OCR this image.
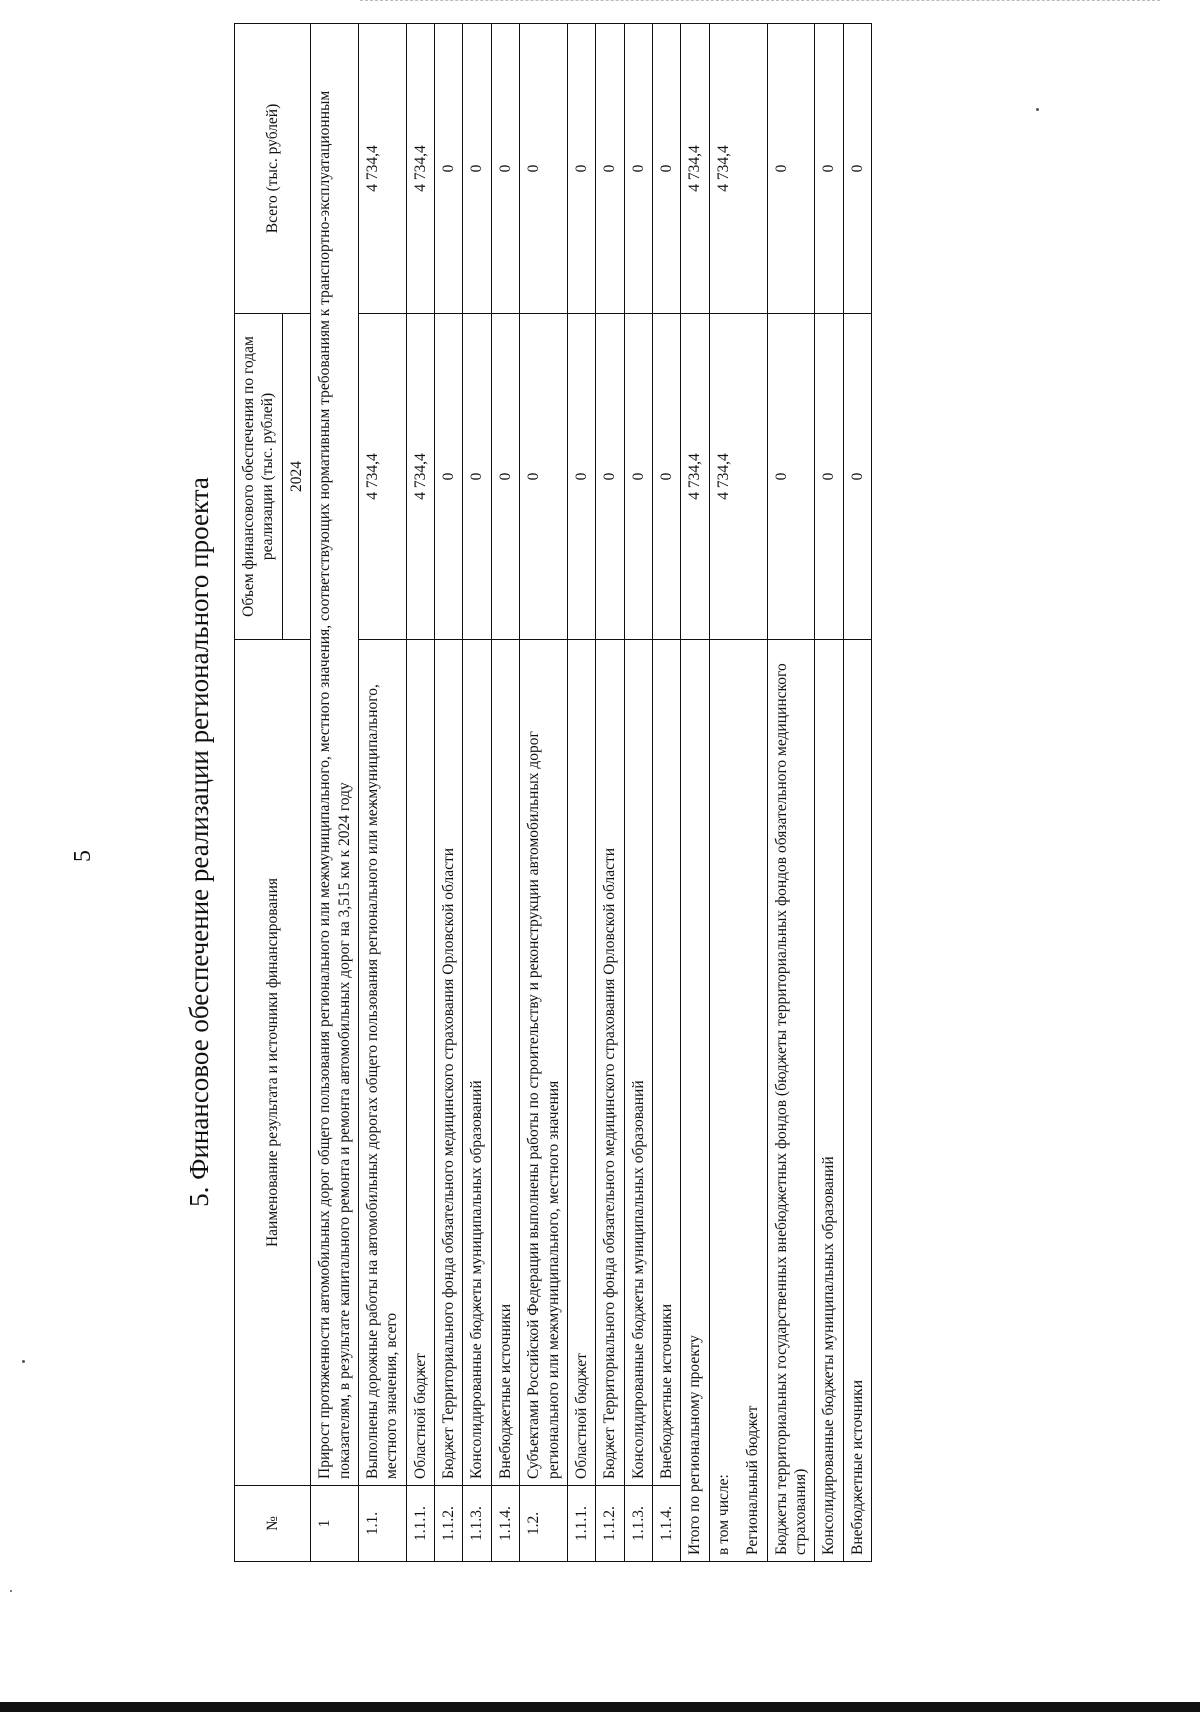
5	5. Финансовое обеспечение реализации регионального проекта
№	Наименование результата и источники финансирования	Объем финансового обеспечения по годам реализации (тыс. рублей)	Всего (тыс. рублей)
		2024	
1	Прирост протяженности автомобильных дорог общего пользования регионального или межмуниципального, местного значения, соответствующих нормативным требованиям к транспортно-эксплуатационным показателям, в результате капитального ремонта и ремонта автомобильных дорог на 3,515 км к 2024 году		
1.1.	Выполнены дорожные работы на автомобильных дорогах общего пользования регионального или межмуниципального, местного значения, всего	4 734,4	4 734,4
1.1.1.	Областной бюджет	4 734,4	4 734,4
1.1.2.	Бюджет Территориального фонда обязательного медицинского страхования Орловской области	0	0
1.1.3.	Консолидированные бюджеты муниципальных образований	0	0
1.1.4.	Внебюджетные источники	0	0
1.2.	Субъектами Российской Федерации выполнены работы по строительству и реконструкции автомобильных дорог регионального или межмуниципального, местного значения	0	0
1.1.1.	Областной бюджет	0	0
1.1.2.	Бюджет Территориального фонда обязательного медицинского страхования Орловской области	0	0
1.1.3.	Консолидированные бюджеты муниципальных образований	0	0
1.1.4.	Внебюджетные источники	0	0
Итого по региональному проекту		4 734,4	4 734,4

в том числе: Региональный бюджет		4 734,4	4 734,4
Бюджеты территориальных государственных внебюджетных фондов (бюджеты территориальных фондов обязательного медицинского страхования)		0	0
Консолидированные бюджеты муниципальных образований		0	0
Внебюджетные источники		0	0
